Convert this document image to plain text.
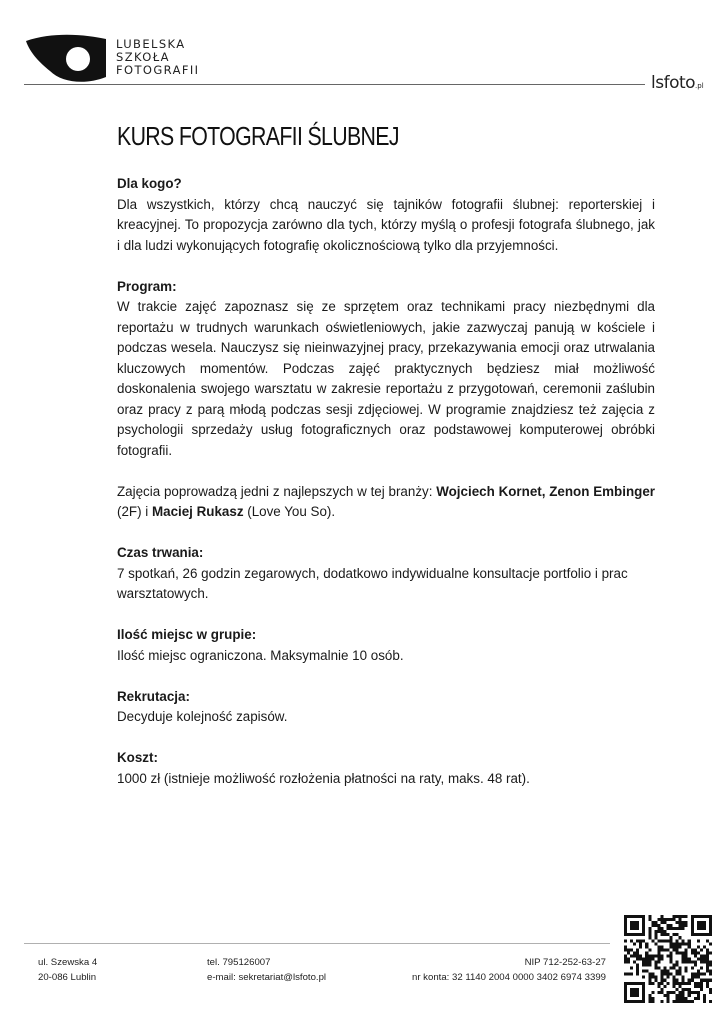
LUBELSKA
SZKOŁA
FOTOGRAFII
lsfoto.pl
KURS FOTOGRAFII ŚLUBNEJ
Dla kogo?

Dla wszystkich, którzy chcą nauczyć się tajników fotografii ślubnej: reporterskiej i kreacyjnej. To propozycja zarówno dla tych, którzy myślą o profesji fotografa ślubnego, jak i dla ludzi wykonujących fotografię okolicznościową tylko dla przyjemności.

Program:

W trakcie zajęć zapoznasz się ze sprzętem oraz technikami pracy niezbędnymi dla reportażu w trudnych warunkach oświetleniowych, jakie zazwyczaj panują w kościele i podczas wesela. Nauczysz się nieinwazyjnej pracy, przekazywania emocji oraz utrwalania kluczowych momentów. Podczas zajęć praktycznych będziesz miał możliwość doskonalenia swojego warsztatu w zakresie reportażu z przygotowań, ceremonii zaślubin oraz pracy z parą młodą podczas sesji zdjęciowej. W programie znajdziesz też zajęcia z psychologii sprzedaży usług fotograficznych oraz podstawowej komputerowej obróbki fotografii.

Zajęcia poprowadzą jedni z najlepszych w tej branży: Wojciech Kornet, Zenon Embinger (2F) i Maciej Rukasz (Love You So).

Czas trwania:

7 spotkań, 26 godzin zegarowych, dodatkowo indywidualne konsultacje portfolio i prac warsztatowych.

Ilość miejsc w grupie:

Ilość miejsc ograniczona. Maksymalnie 10 osób.

Rekrutacja:

Decyduje kolejność zapisów.

Koszt:

1000 zł (istnieje możliwość rozłożenia płatności na raty, maks. 48 rat).

ul. Szewska 4
20-086 Lublin
tel. 795126007
e-mail: sekretariat@lsfoto.pl
NIP 712-252-63-27
nr konta: 32 1140 2004 0000 3402 6974 3399
